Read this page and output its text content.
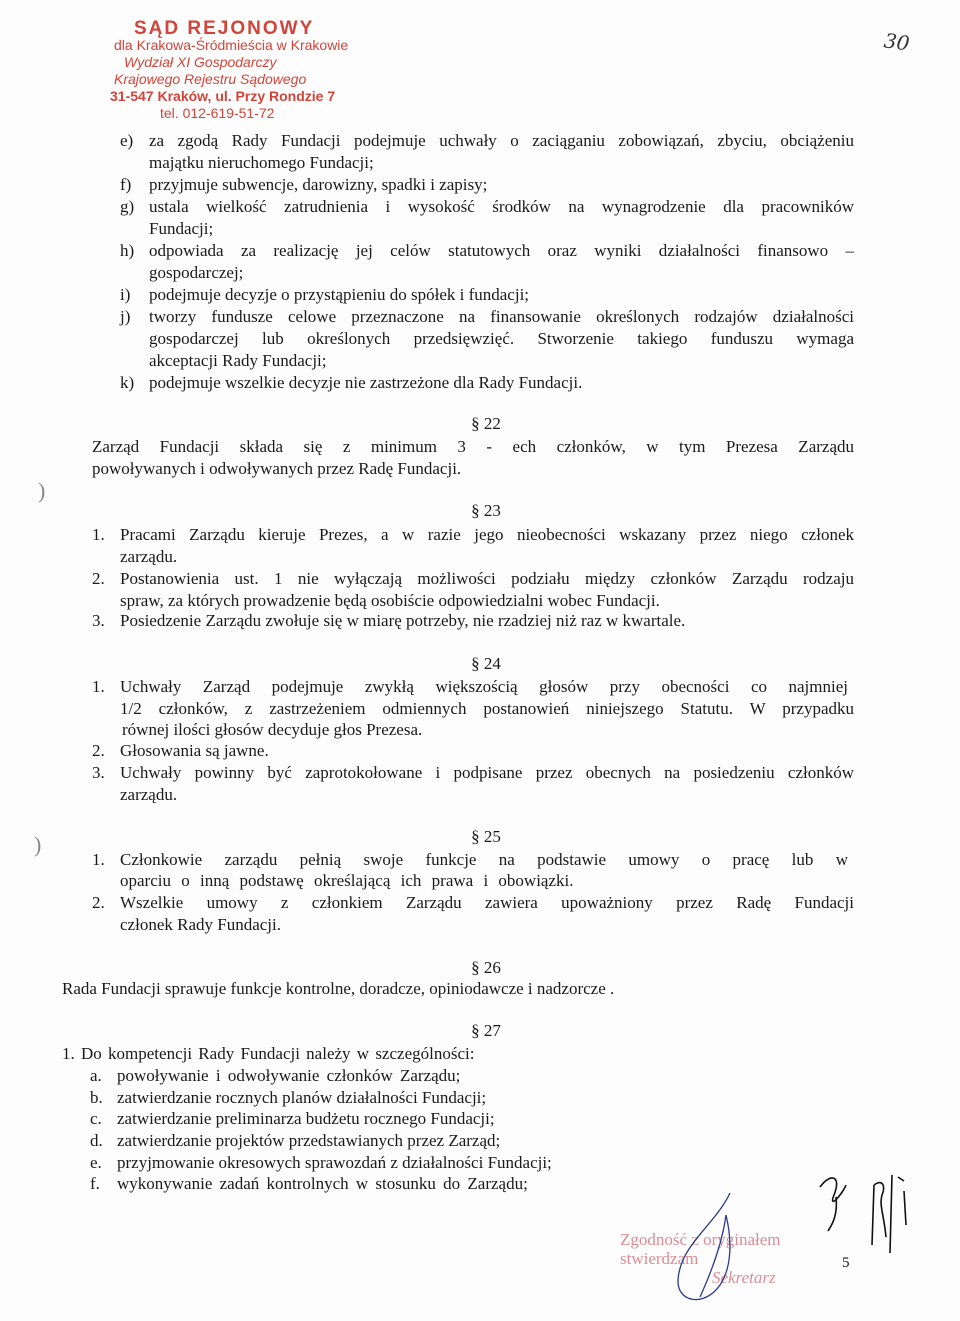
SĄD REJONOWY
dla Krakowa-Śródmieścia w Krakowie
Wydział XI Gospodarczy
Krajowego Rejestru Sądowego
31-547 Kraków, ul. Przy Rondzie 7
tel. 012-619-51-72
30
e) za zgodą Rady Fundacji podejmuje uchwały o zaciąganiu zobowiązań, zbyciu, obciążeniu
majątku nieruchomego Fundacji;
f) przyjmuje subwencje, darowizny, spadki i zapisy;
g) ustala wielkość zatrudnienia i wysokość środków na wynagrodzenie dla pracowników
Fundacji;
h) odpowiada za realizację jej celów statutowych oraz wyniki działalności finansowo –
gospodarczej;
i) podejmuje decyzje o przystąpieniu do spółek i fundacji;
j) tworzy fundusze celowe przeznaczone na finansowanie określonych rodzajów działalności
gospodarczej lub określonych przedsięwzięć. Stworzenie takiego funduszu wymaga
akceptacji Rady Fundacji;
k) podejmuje wszelkie decyzje nie zastrzeżone dla Rady Fundacji.
§ 22
Zarząd Fundacji składa się z minimum 3 - ech członków, w tym Prezesa Zarządu
powoływanych i odwoływanych przez Radę Fundacji.
§ 23
1. Pracami Zarządu kieruje Prezes, a w razie jego nieobecności wskazany przez niego członek
zarządu.
2. Postanowienia ust. 1 nie wyłączają możliwości podziału między członków Zarządu rodzaju
spraw, za których prowadzenie będą osobiście odpowiedzialni wobec Fundacji.
3. Posiedzenie Zarządu zwołuje się w miarę potrzeby, nie rzadziej niż raz w kwartale.
§ 24
1. Uchwały Zarząd podejmuje zwykłą większością głosów przy obecności co najmniej
1/2 członków, z zastrzeżeniem odmiennych postanowień niniejszego Statutu. W przypadku
równej ilości głosów decyduje głos Prezesa.
2. Głosowania są jawne.
3. Uchwały powinny być zaprotokołowane i podpisane przez obecnych na posiedzeniu członków
zarządu.
§ 25
1. Członkowie zarządu pełnią swoje funkcje na podstawie umowy o pracę lub w
oparciu o inną podstawę określającą ich prawa i obowiązki.
2. Wszelkie umowy z członkiem Zarządu zawiera upoważniony przez Radę Fundacji
członek Rady Fundacji.
§ 26
Rada Fundacji sprawuje funkcje kontrolne, doradcze, opiniodawcze i nadzorcze .
§ 27
1. Do kompetencji Rady Fundacji należy w szczególności:
a. powoływanie i odwoływanie członków Zarządu;
b. zatwierdzanie rocznych planów działalności Fundacji;
c. zatwierdzanie preliminarza budżetu rocznego Fundacji;
d. zatwierdzanie projektów przedstawianych przez Zarząd;
e. przyjmowanie okresowych sprawozdań z działalności Fundacji;
f. wykonywanie zadań kontrolnych w stosunku do Zarządu;
)
)
Zgodność z oryginałem
stwierdzam
Sekretarz
5
